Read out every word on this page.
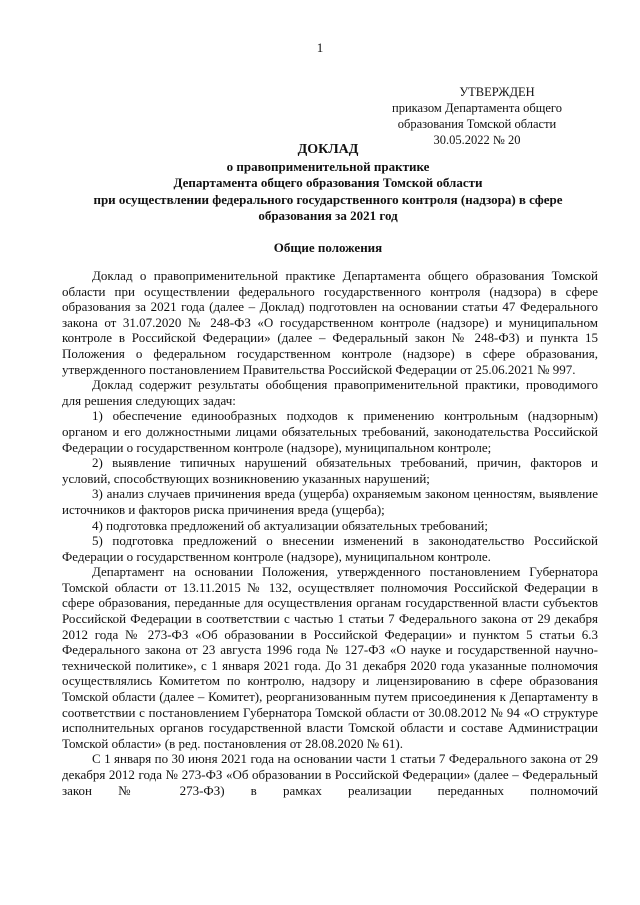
1
УТВЕРЖДЕН
приказом Департамента общего
образования Томской области
30.05.2022 № 20
ДОКЛАД
о правоприменительной практике
Департамента общего образования Томской области
при осуществлении федерального государственного контроля (надзора) в сфере
образования за 2021 год
Общие положения

Доклад о правоприменительной практике Департамента общего образования Томской области при осуществлении федерального государственного контроля (надзора) в сфере образования за 2021 года (далее – Доклад) подготовлен на основании статьи 47 Федерального закона от 31.07.2020 № 248-ФЗ «О государственном контроле (надзоре) и муниципальном контроле в Российской Федерации» (далее – Федеральный закон № 248-ФЗ) и пункта 15 Положения о федеральном государственном контроле (надзоре) в сфере образования, утвержденного постановлением Правительства Российской Федерации от 25.06.2021 № 997.

Доклад содержит результаты обобщения правоприменительной практики, проводимого для решения следующих задач:

1) обеспечение единообразных подходов к применению контрольным (надзорным) органом и его должностными лицами обязательных требований, законодательства Российской Федерации о государственном контроле (надзоре), муниципальном контроле;

2) выявление типичных нарушений обязательных требований, причин, факторов и условий, способствующих возникновению указанных нарушений;

3) анализ случаев причинения вреда (ущерба) охраняемым законом ценностям, выявление источников и факторов риска причинения вреда (ущерба);

4) подготовка предложений об актуализации обязательных требований;

5) подготовка предложений о внесении изменений в законодательство Российской Федерации о государственном контроле (надзоре), муниципальном контроле.

Департамент на основании Положения, утвержденного постановлением Губернатора Томской области от 13.11.2015 № 132, осуществляет полномочия Российской Федерации в сфере образования, переданные для осуществления органам государственной власти субъектов Российской Федерации в соответствии с частью 1 статьи 7 Федерального закона от 29 декабря 2012 года № 273-ФЗ «Об образовании в Российской Федерации» и пунктом 5 статьи 6.3 Федерального закона от 23 августа 1996 года № 127-ФЗ «О науке и государственной научно-технической политике», с 1 января 2021 года. До 31 декабря 2020 года указанные полномочия осуществлялись Комитетом по контролю, надзору и лицензированию в сфере образования Томской области (далее – Комитет), реорганизованным путем присоединения к Департаменту в соответствии с постановлением Губернатора Томской области от 30.08.2012 № 94 «О структуре исполнительных органов государственной власти Томской области и составе Администрации Томской области» (в ред. постановления от 28.08.2020 № 61).

С 1 января по 30 июня 2021 года на основании части 1 статьи 7 Федерального закона от 29 декабря 2012 года № 273-ФЗ «Об образовании в Российской Федерации» (далее – Федеральный закон № 273-ФЗ) в рамках реализации переданных полномочий
